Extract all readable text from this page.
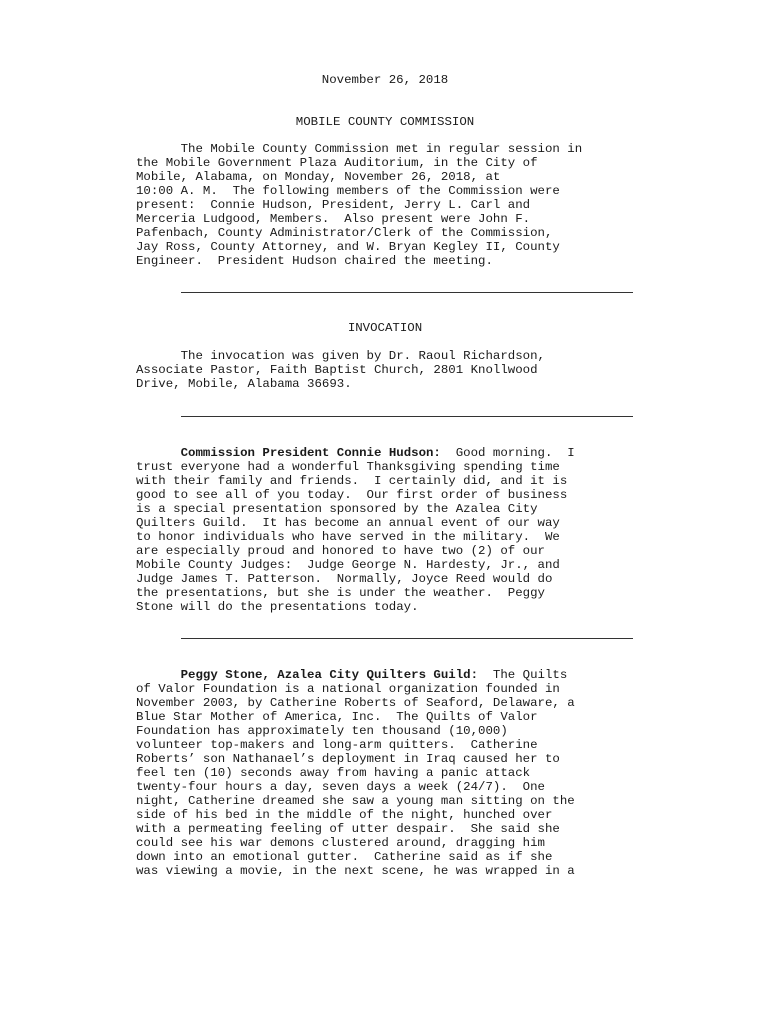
November 26, 2018

MOBILE COUNTY COMMISSION

The Mobile County Commission met in regular session in

the Mobile Government Plaza Auditorium, in the City of

Mobile, Alabama, on Monday, November 26, 2018, at

10:00 A. M.  The following members of the Commission were

present:  Connie Hudson, President, Jerry L. Carl and

Merceria Ludgood, Members.  Also present were John F.

Pafenbach, County Administrator/Clerk of the Commission,

Jay Ross, County Attorney, and W. Bryan Kegley II, County

Engineer.  President Hudson chaired the meeting.

INVOCATION

The invocation was given by Dr. Raoul Richardson,

Associate Pastor, Faith Baptist Church, 2801 Knollwood

Drive, Mobile, Alabama 36693.

Commission President Connie Hudson:  Good morning.  I

trust everyone had a wonderful Thanksgiving spending time

with their family and friends.  I certainly did, and it is

good to see all of you today.  Our first order of business

is a special presentation sponsored by the Azalea City

Quilters Guild.  It has become an annual event of our way

to honor individuals who have served in the military.  We

are especially proud and honored to have two (2) of our

Mobile County Judges:  Judge George N. Hardesty, Jr., and

Judge James T. Patterson.  Normally, Joyce Reed would do

the presentations, but she is under the weather.  Peggy

Stone will do the presentations today.

Peggy Stone, Azalea City Quilters Guild:  The Quilts

of Valor Foundation is a national organization founded in

November 2003, by Catherine Roberts of Seaford, Delaware, a

Blue Star Mother of America, Inc.  The Quilts of Valor

Foundation has approximately ten thousand (10,000)

volunteer top-makers and long-arm quitters.  Catherine

Roberts’ son Nathanael’s deployment in Iraq caused her to

feel ten (10) seconds away from having a panic attack

twenty-four hours a day, seven days a week (24/7).  One

night, Catherine dreamed she saw a young man sitting on the

side of his bed in the middle of the night, hunched over

with a permeating feeling of utter despair.  She said she

could see his war demons clustered around, dragging him

down into an emotional gutter.  Catherine said as if she

was viewing a movie, in the next scene, he was wrapped in a
